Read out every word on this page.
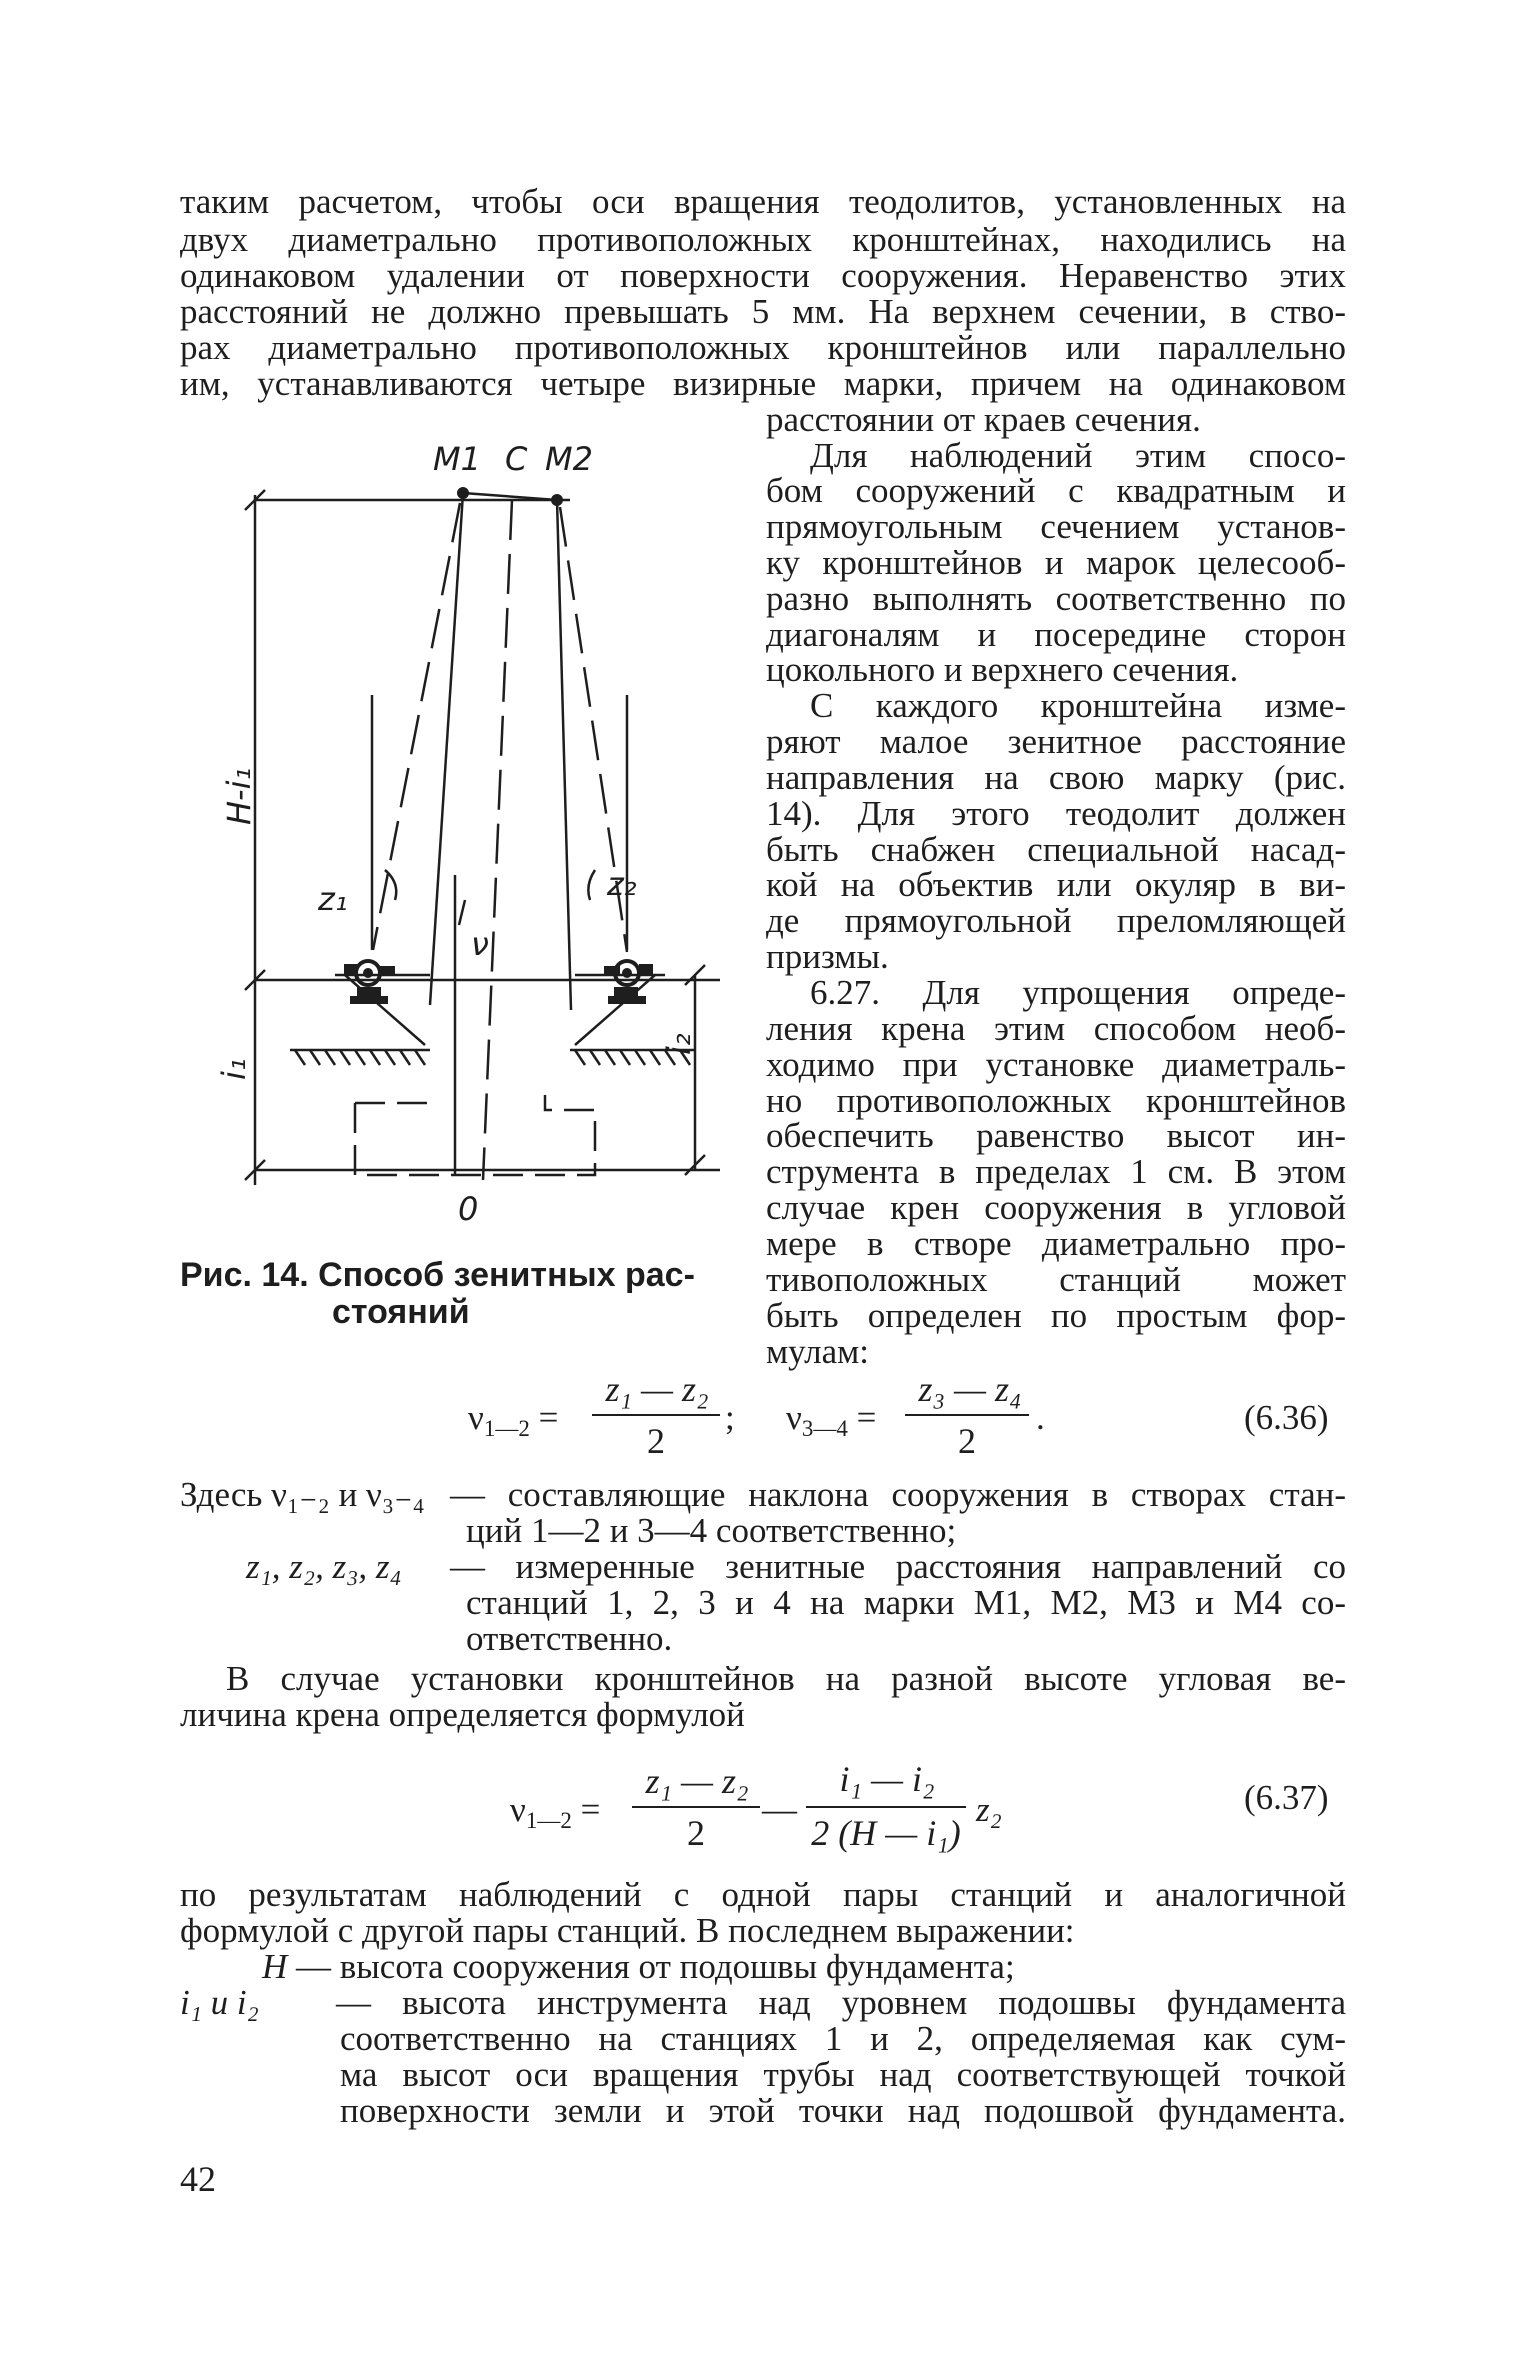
таким расчетом, чтобы оси вращения теодолитов, установленных на
двух диаметрально противоположных кронштейнах, находились на
одинаковом удалении от поверхности сооружения. Неравенство этих
расстояний не должно превышать 5 мм. На верхнем сечении, в ство-
рах диаметрально противоположных кронштейнов или параллельно
им, устанавливаются четыре визирные марки, причем на одинаковом
расстоянии от краев сечения.
Для наблюдений этим спосо-
бом сооружений с квадратным и
прямоугольным сечением установ-
ку кронштейнов и марок целесооб-
разно выполнять соответственно по
диагоналям и посередине сторон
цокольного и верхнего сечения.
С каждого кронштейна изме-
ряют малое зенитное расстояние
направления на свою марку (рис.
14). Для этого теодолит должен
быть снабжен специальной насад-
кой на объектив или окуляр в ви-
де прямоугольной преломляющей
призмы.
6.27. Для упрощения опреде-
ления крена этим способом необ-
ходимо при установке диаметраль-
но противоположных кронштейнов
обеспечить равенство высот ин-
струмента в пределах 1 см. В этом
случае крен сооружения в угловой
мере в створе диаметрально про-
тивоположных станций может
быть определен по простым фор-
мулам:
M1 C M2
H-i₁
z₁	z₂
ν
i₁
i₂
0
Рис. 14. Способ зенитных рас-
стояний
$\nu_{1—2}$ =
z₁ — z₂
2
; $\nu_{3—4}$ =
z₃ — z₄
2
.	(6.36)
Здесь ν₁₋₂ и ν₃₋₄ — составляющие наклона сооружения в створах стан-
ций 1—2 и 3—4 соответственно;
z₁, z₂, z₃, z₄ — измеренные зенитные расстояния направлений со
станций 1, 2, 3 и 4 на марки М1, М2, М3 и М4 со-
ответственно.
В случае установки кронштейнов на разной высоте угловая ве-
личина крена определяется формулой
$\nu_{1—2}$ =
z₁ — z₂
2
—
i₁ — i₂
2 (H — i₁)
z₂	(6.37)
по результатам наблюдений с одной пары станций и аналогичной
формулой с другой пары станций. В последнем выражении:
H — высота сооружения от подошвы фундамента;
i₁ и i₂ — высота инструмента над уровнем подошвы фундамента
соответственно на станциях 1 и 2, определяемая как сум-
ма высот оси вращения трубы над соответствующей точкой
поверхности земли и этой точки над подошвой фундамента.
42
